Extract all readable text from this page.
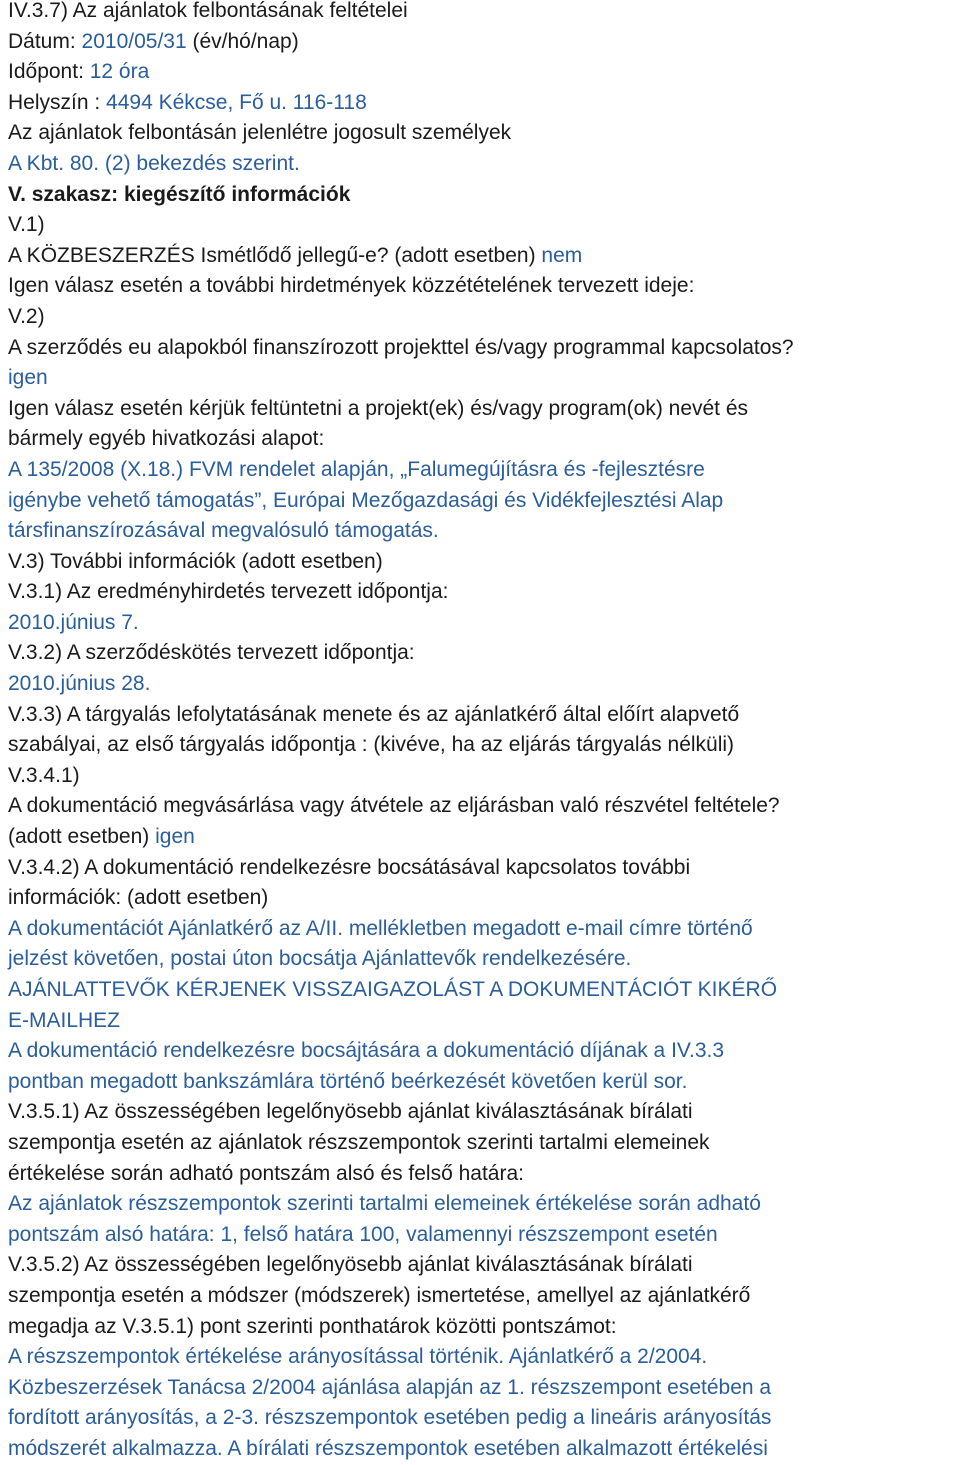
IV.3.7) Az ajánlatok felbontásának feltételei
Dátum: 2010/05/31 (év/hó/nap)
Időpont: 12 óra
Helyszín : 4494 Kékcse, Fő u. 116-118
Az ajánlatok felbontásán jelenlétre jogosult személyek
A Kbt. 80. (2) bekezdés szerint.
V. szakasz: kiegészítő információk
V.1)
A KÖZBESZERZÉS Ismétlődő jellegű-e? (adott esetben) nem
Igen válasz esetén a további hirdetmények közzétételének tervezett ideje:
V.2)
A szerződés eu alapokból finanszírozott projekttel és/vagy programmal kapcsolatos?
igen
Igen válasz esetén kérjük feltüntetni a projekt(ek) és/vagy program(ok) nevét és
bármely egyéb hivatkozási alapot:
A 135/2008 (X.18.) FVM rendelet alapján, „Falumegújításra és -fejlesztésre
igénybe vehető támogatás”, Európai Mezőgazdasági és Vidékfejlesztési Alap
társfinanszírozásával megvalósuló támogatás.
V.3) További információk (adott esetben)
V.3.1) Az eredményhirdetés tervezett időpontja:
2010.június 7.
V.3.2) A szerződéskötés tervezett időpontja:
2010.június 28.
V.3.3) A tárgyalás lefolytatásának menete és az ajánlatkérő által előírt alapvető
szabályai, az első tárgyalás időpontja : (kivéve, ha az eljárás tárgyalás nélküli)
V.3.4.1)
A dokumentáció megvásárlása vagy átvétele az eljárásban való részvétel feltétele?
(adott esetben) igen
V.3.4.2) A dokumentáció rendelkezésre bocsátásával kapcsolatos további
információk: (adott esetben)
A dokumentációt Ajánlatkérő az A/II. mellékletben megadott e-mail címre történő
jelzést követően, postai úton bocsátja Ajánlattevők rendelkezésére.
AJÁNLATTEVŐK KÉRJENEK VISSZAIGAZOLÁST A DOKUMENTÁCIÓT KIKÉRŐ
E-MAILHEZ
A dokumentáció rendelkezésre bocsájtására a dokumentáció díjának a IV.3.3
pontban megadott bankszámlára történő beérkezését követően kerül sor.
V.3.5.1) Az összességében legelőnyösebb ajánlat kiválasztásának bírálati
szempontja esetén az ajánlatok részszempontok szerinti tartalmi elemeinek
értékelése során adható pontszám alsó és felső határa:
Az ajánlatok részszempontok szerinti tartalmi elemeinek értékelése során adható
pontszám alsó határa: 1, felső határa 100, valamennyi részszempont esetén
V.3.5.2) Az összességében legelőnyösebb ajánlat kiválasztásának bírálati
szempontja esetén a módszer (módszerek) ismertetése, amellyel az ajánlatkérő
megadja az V.3.5.1) pont szerinti ponthatárok közötti pontszámot:
A részszempontok értékelése arányosítással történik. Ajánlatkérő a 2/2004.
Közbeszerzések Tanácsa 2/2004 ajánlása alapján az 1. részszempont esetében a
fordított arányosítás, a 2-3. részszempontok esetében pedig a lineáris arányosítás
módszerét alkalmazza. A bírálati részszempontok esetében alkalmazott értékelési
